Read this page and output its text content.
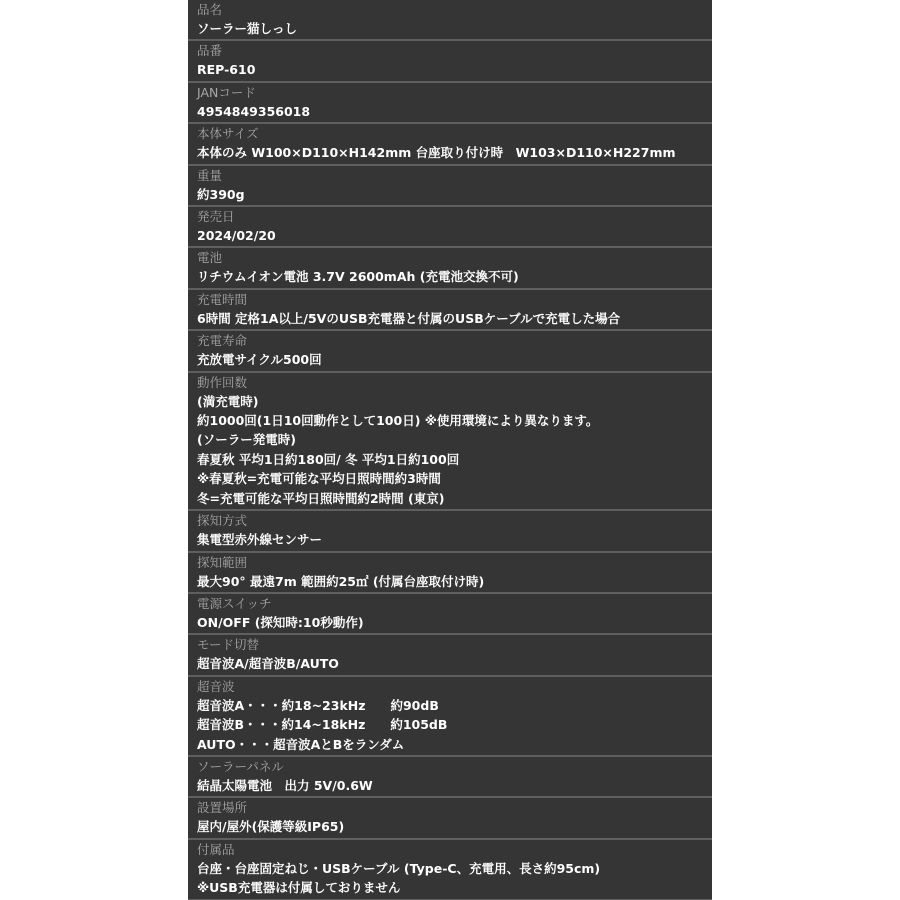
品名
ソーラー猫しっし
品番
REP-610
JANコード
4954849356018
本体サイズ
本体のみ W100×D110×H142mm 台座取り付け時　W103×D110×H227mm
重量
約390g
発売日
2024/02/20
電池
リチウムイオン電池 3.7V 2600mAh (充電池交換不可)
充電時間
6時間 定格1A以上/5VのUSB充電器と付属のUSBケーブルで充電した場合
充電寿命
充放電サイクル500回
動作回数
(満充電時)
約1000回(1日10回動作として100日) ※使用環境により異なります。
(ソーラー発電時)
春夏秋 平均1日約180回/ 冬 平均1日約100回
※春夏秋=充電可能な平均日照時間約3時間
冬=充電可能な平均日照時間約2時間 (東京)
探知方式
集電型赤外線センサー
探知範囲
最大90° 最遠7m 範囲約25㎡ (付属台座取付け時)
電源スイッチ
ON/OFF (探知時:10秒動作)
モード切替
超音波A/超音波B/AUTO
超音波
超音波A・・・約18~23kHz　　約90dB
超音波B・・・約14~18kHz　　約105dB
AUTO・・・超音波AとBをランダム
ソーラーパネル
結晶太陽電池　出力 5V/0.6W
設置場所
屋内/屋外(保護等級IP65)
付属品
台座・台座固定ねじ・USBケーブル (Type-C、充電用、長さ約95cm)
※USB充電器は付属しておりません
